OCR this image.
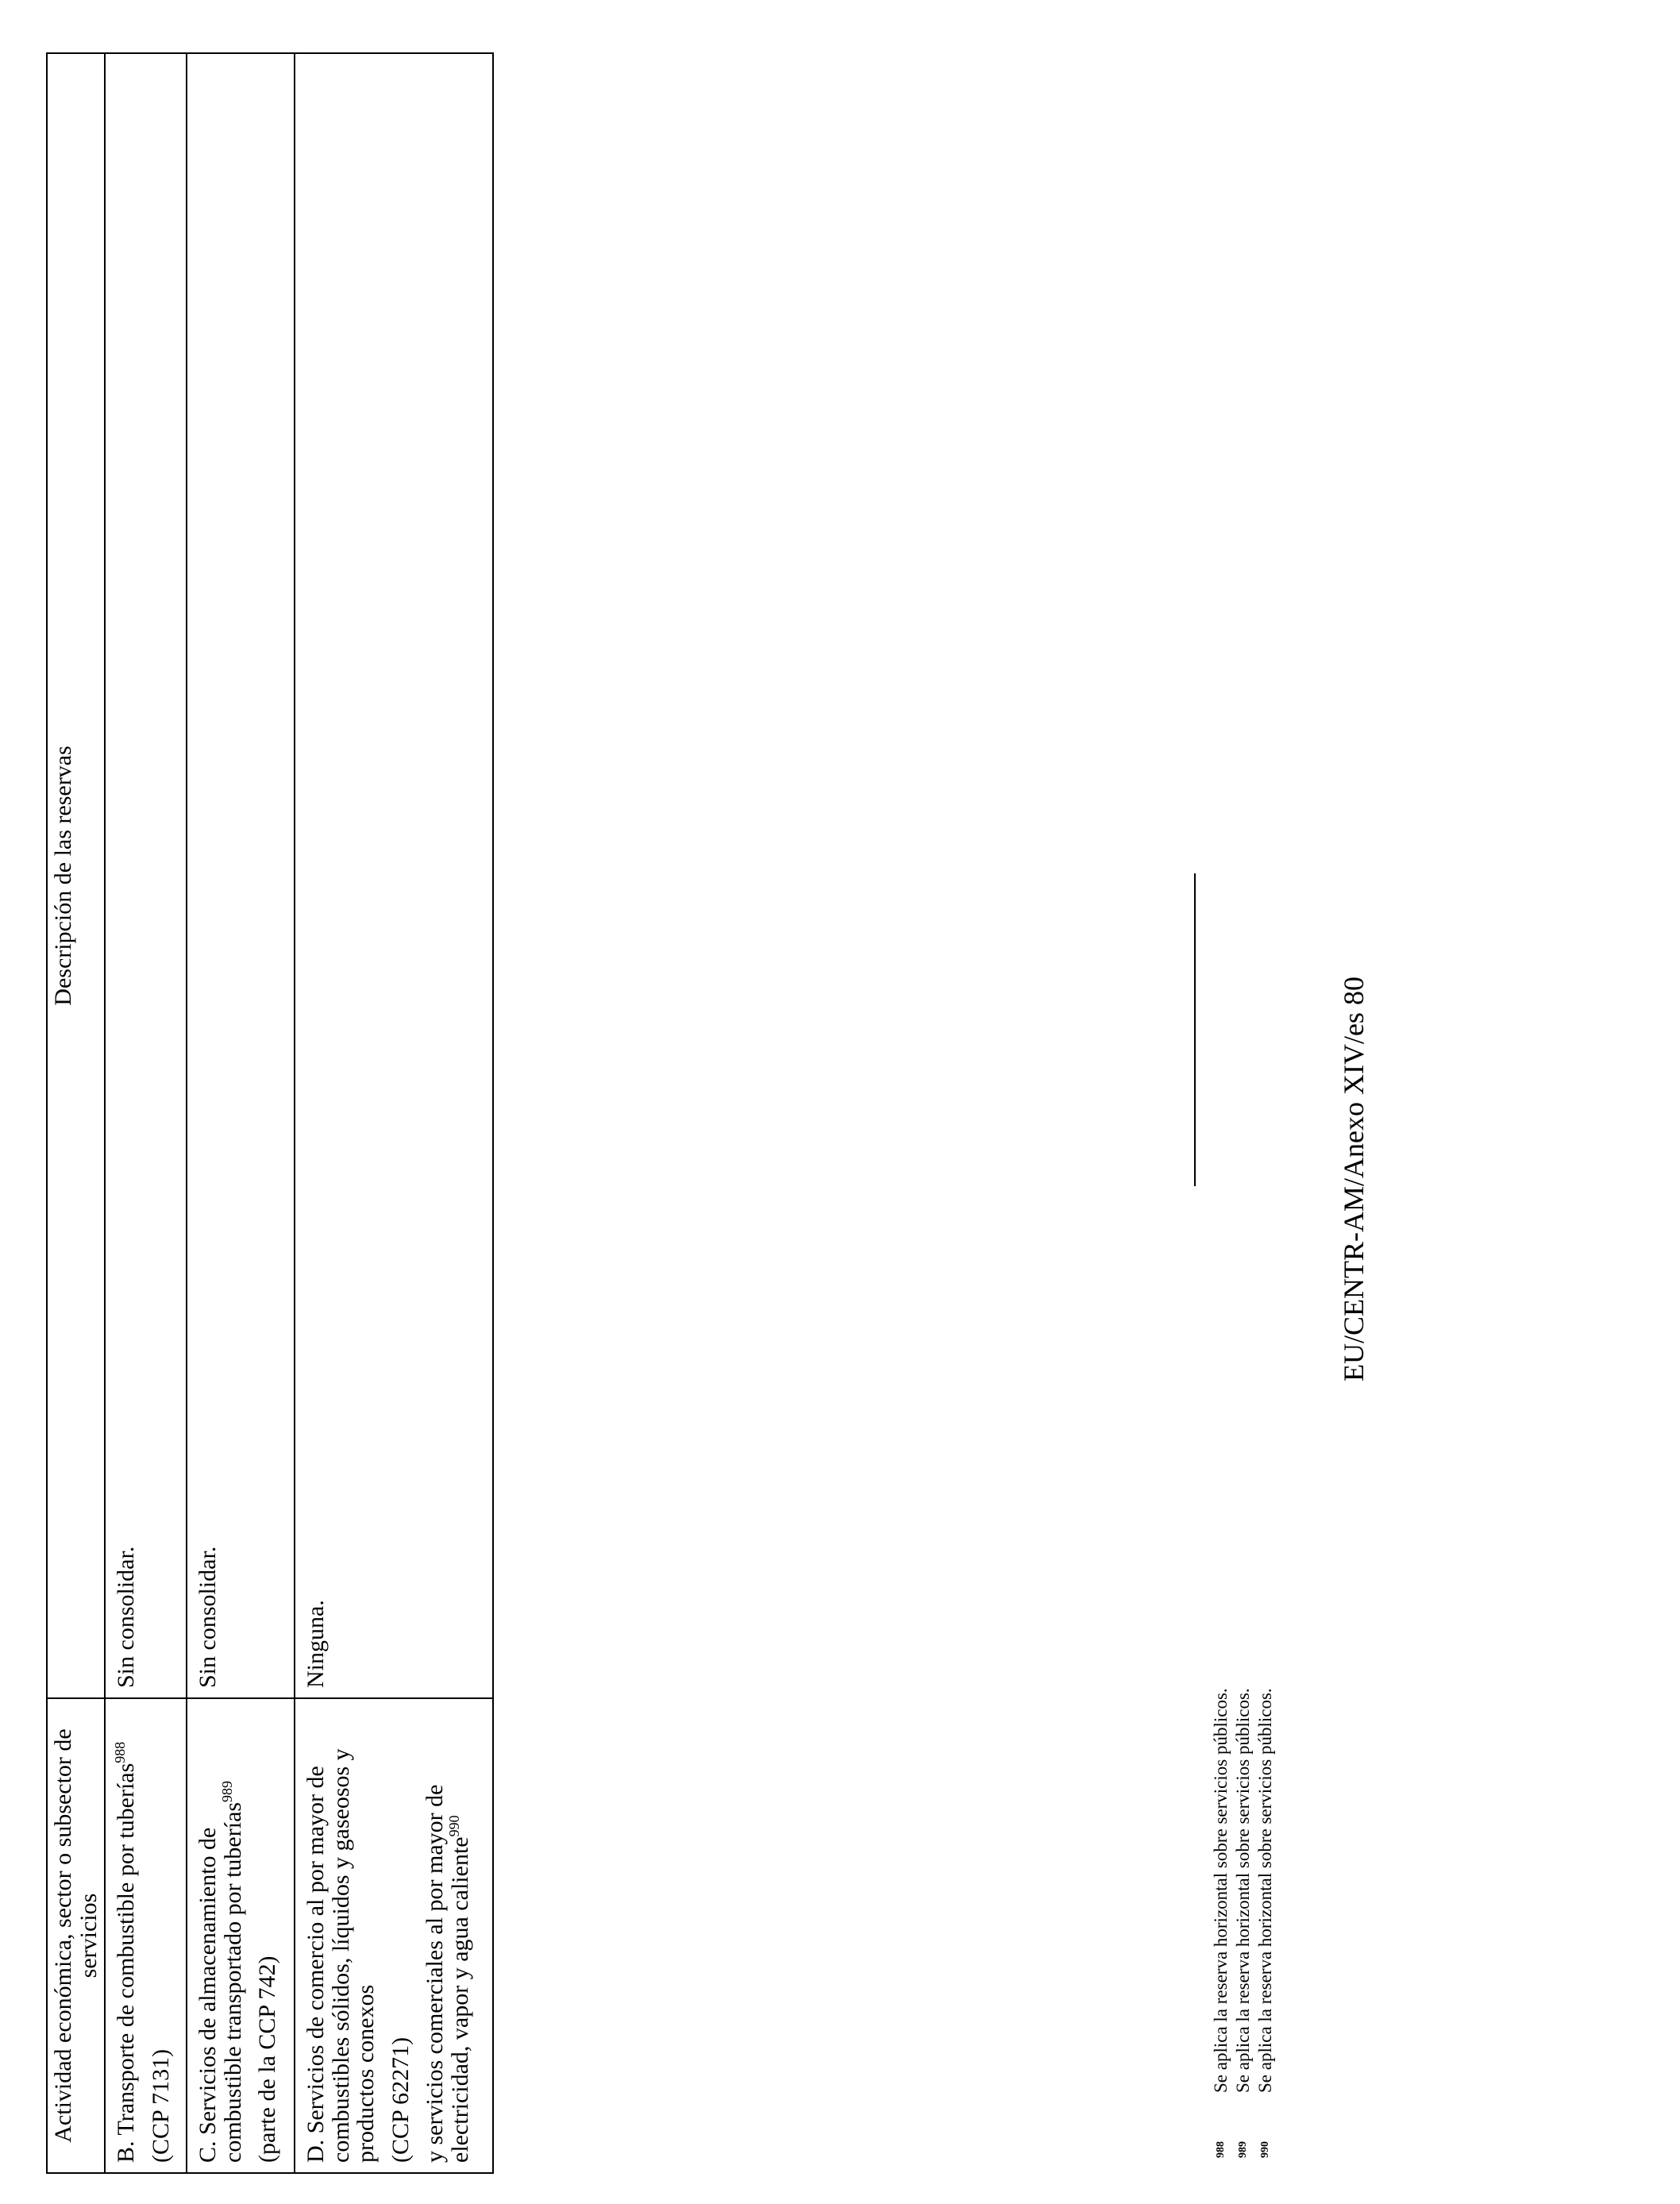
Actividad económica, sector o subsector de servicios	Descripción de las reservas

B. Transporte de combustible por tuberías$^{988}$
(CCP 7131)	Sin consolidar.

C. Servicios de almacenamiento de combustible transportado por tuberías$^{989}$
(parte de la CCP 742)	Sin consolidar.

D. Servicios de comercio al por mayor de combustibles sólidos, líquidos y gaseosos y productos conexos (CCP 62271) y servicios comerciales al por mayor de electricidad, vapor y agua caliente$^{990}$	Ninguna.
988
Se aplica la reserva horizontal sobre servicios públicos.
989
Se aplica la reserva horizontal sobre servicios públicos.
990
Se aplica la reserva horizontal sobre servicios públicos.
EU/CENTR-AM/Anexo XIV/es 80
